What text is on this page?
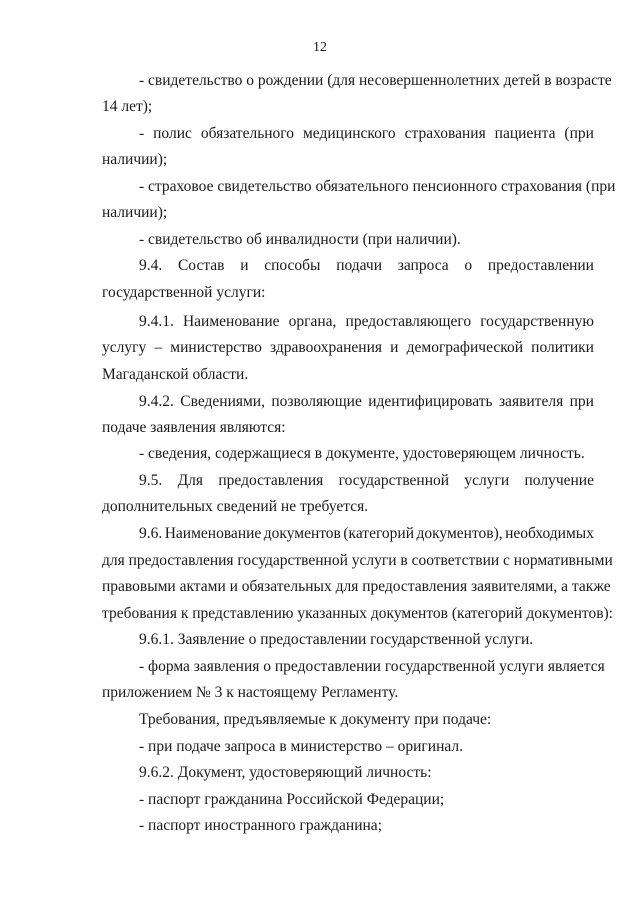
12
- свидетельство о рождении (для несовершеннолетних детей в возрасте
14 лет);
- полис обязательного медицинского страхования пациента (при
наличии);
- страховое свидетельство обязательного пенсионного страхования (при
наличии);
- свидетельство об инвалидности (при наличии).
9.4. Состав и способы подачи запроса о предоставлении
государственной услуги:
9.4.1. Наименование органа, предоставляющего государственную
услугу – министерство здравоохранения и демографической политики
Магаданской области.
9.4.2. Сведениями, позволяющие идентифицировать заявителя при
подаче заявления являются:
- сведения, содержащиеся в документе, удостоверяющем личность.
9.5. Для предоставления государственной услуги получение
дополнительных сведений не требуется.
9.6. Наименование документов (категорий документов), необходимых
для предоставления государственной услуги в соответствии с нормативными
правовыми актами и обязательных для предоставления заявителями, а также
требования к представлению указанных документов (категорий документов):
9.6.1. Заявление о предоставлении государственной услуги.
- форма заявления о предоставлении государственной услуги является
приложением № 3 к настоящему Регламенту.
Требования, предъявляемые к документу при подаче:
- при подаче запроса в министерство – оригинал.
9.6.2. Документ, удостоверяющий личность:
- паспорт гражданина Российской Федерации;
- паспорт иностранного гражданина;
